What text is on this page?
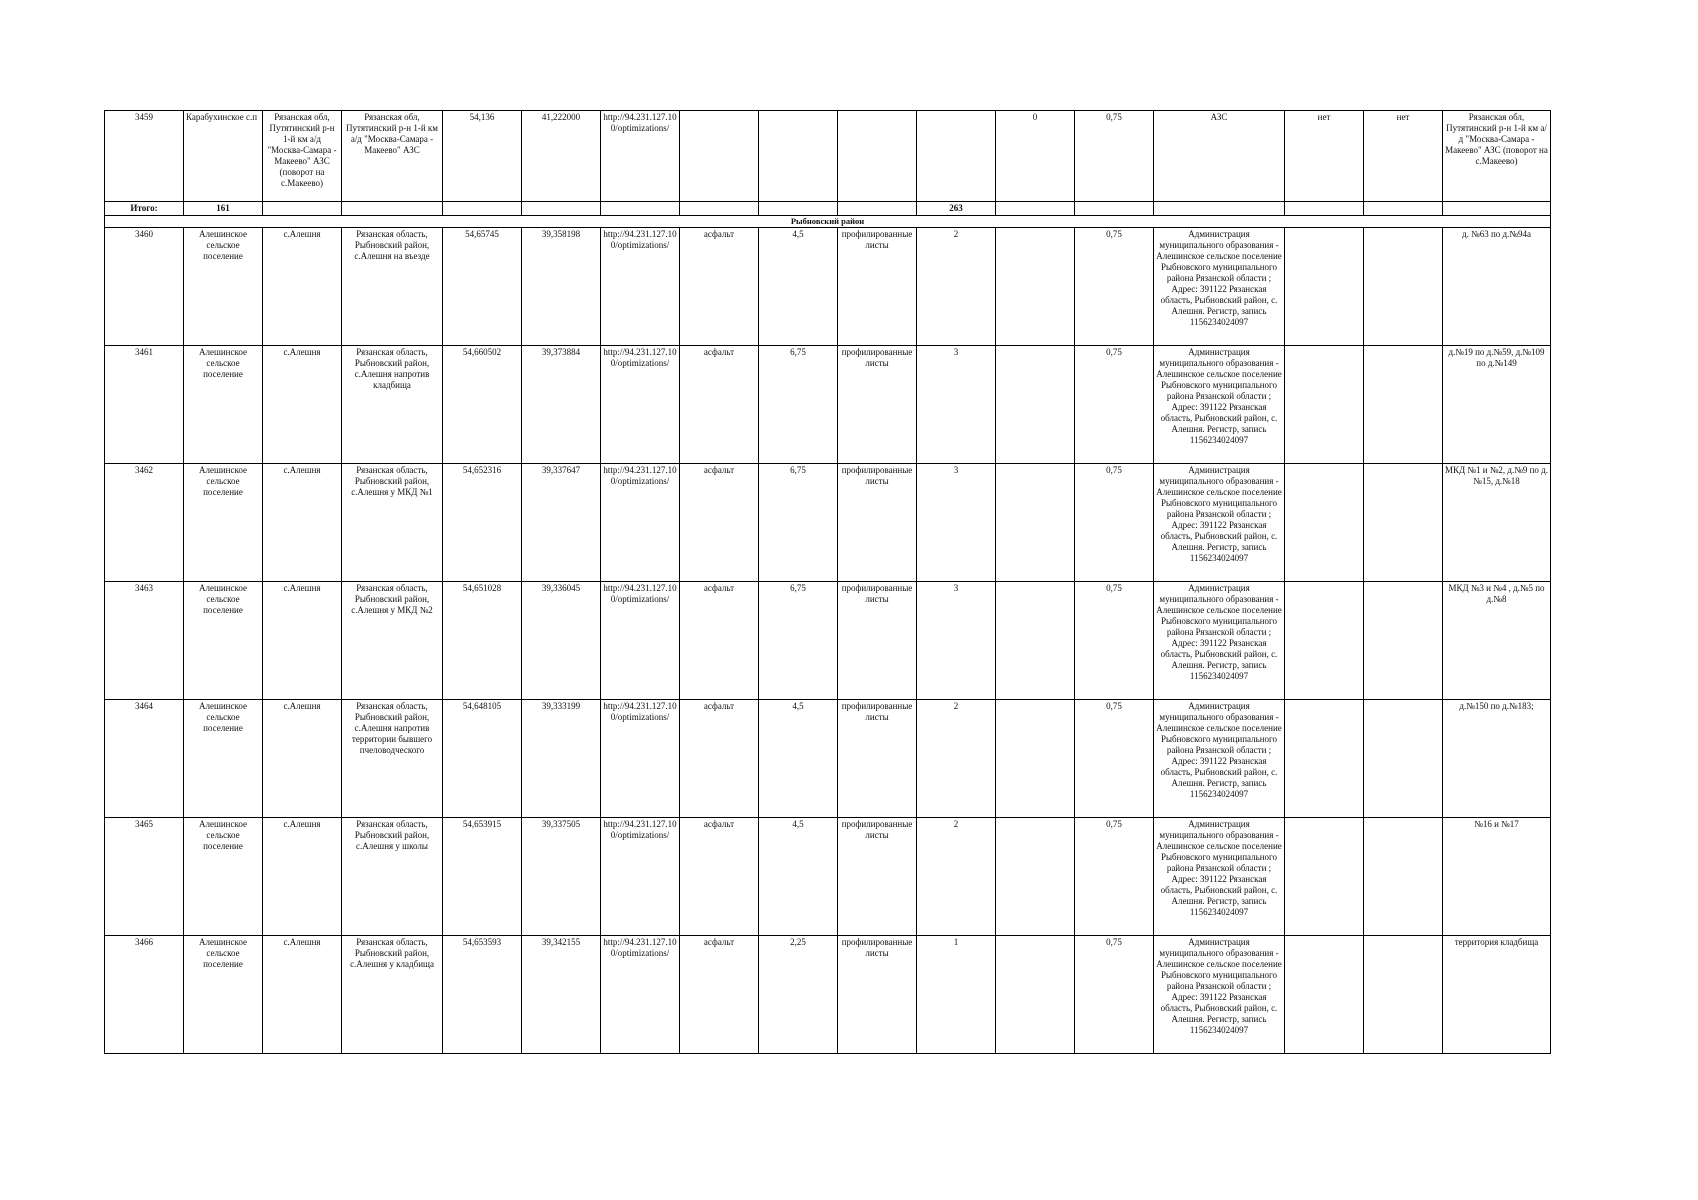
3459	Карабухинское с.п	Рязанская обл, Путятинский р-н 1-й км а/д "Москва-Самара - Макеево" АЗС (поворот на с.Макеево)	Рязанская обл, Путятинский р-н 1-й км а/д "Москва-Самара - Макеево" АЗС	54,136	41,222000	http://94.231.127.100/optimizations/					0	0,75	АЗС	нет	нет	Рязанская обл, Путятинский р-н 1-й км а/д "Москва-Самара - Макеево" АЗС (поворот на с.Макеево)
Итого:	161									263						
Рыбновский район																
3460	Алешинское сельское поселение	с.Алешня	Рязанская область, Рыбновский район, с.Алешня на въезде	54,65745	39,358198	http://94.231.127.100/optimizations/	асфальт	4,5	профилированные листы	2		0,75	Администрация муниципального образования - Алешинское сельское поселение Рыбновского муниципального района Рязанской области ; Адрес: 391122 Рязанская область, Рыбновский район, с. Алешня. Регистр, запись 1156234024097			д. №63 по д.№94а
3461	Алешинское сельское поселение	с.Алешня	Рязанская область, Рыбновский район, с.Алешня напротив кладбища	54,660502	39,373884	http://94.231.127.100/optimizations/	асфальт	6,75	профилированные листы	3		0,75	Администрация муниципального образования - Алешинское сельское поселение Рыбновского муниципального района Рязанской области ; Адрес: 391122 Рязанская область, Рыбновский район, с. Алешня. Регистр, запись 1156234024097			д.№19 по д.№59, д.№109 по д.№149
3462	Алешинское сельское поселение	с.Алешня	Рязанская область, Рыбновский район, с.Алешня у МКД №1	54,652316	39,337647	http://94.231.127.100/optimizations/	асфальт	6,75	профилированные листы	3		0,75	Администрация муниципального образования - Алешинское сельское поселение Рыбновского муниципального района Рязанской области ; Адрес: 391122 Рязанская область, Рыбновский район, с. Алешня. Регистр, запись 1156234024097			МКД №1 и №2, д.№9 по д.№15, д.№18
3463	Алешинское сельское поселение	с.Алешня	Рязанская область, Рыбновский район, с.Алешня у МКД №2	54,651028	39,336045	http://94.231.127.100/optimizations/	асфальт	6,75	профилированные листы	3		0,75	Администрация муниципального образования - Алешинское сельское поселение Рыбновского муниципального района Рязанской области ; Адрес: 391122 Рязанская область, Рыбновский район, с. Алешня. Регистр, запись 1156234024097			МКД №3 и №4 , д.№5 по д.№8
3464	Алешинское сельское поселение	с.Алешня	Рязанская область, Рыбновский район, с.Алешня напротив территории бывшего пчеловодческого	54,648105	39,333199	http://94.231.127.100/optimizations/	асфальт	4,5	профилированные листы	2		0,75	Администрация муниципального образования - Алешинское сельское поселение Рыбновского муниципального района Рязанской области ; Адрес: 391122 Рязанская область, Рыбновский район, с. Алешня. Регистр, запись 1156234024097			д.№150 по д.№183;
3465	Алешинское сельское поселение	с.Алешня	Рязанская область, Рыбновский район, с.Алешня у школы	54,653915	39,337505	http://94.231.127.100/optimizations/	асфальт	4,5	профилированные листы	2		0,75	Администрация муниципального образования - Алешинское сельское поселение Рыбновского муниципального района Рязанской области ; Адрес: 391122 Рязанская область, Рыбновский район, с. Алешня. Регистр, запись 1156234024097			№16 и №17
3466	Алешинское сельское поселение	с.Алешня	Рязанская область, Рыбновский район, с.Алешня у кладбища	54,653593	39,342155	http://94.231.127.100/optimizations/	асфальт	2,25	профилированные листы	1		0,75	Администрация муниципального образования - Алешинское сельское поселение Рыбновского муниципального района Рязанской области ; Адрес: 391122 Рязанская область, Рыбновский район, с. Алешня. Регистр, запись 1156234024097			территория кладбища
